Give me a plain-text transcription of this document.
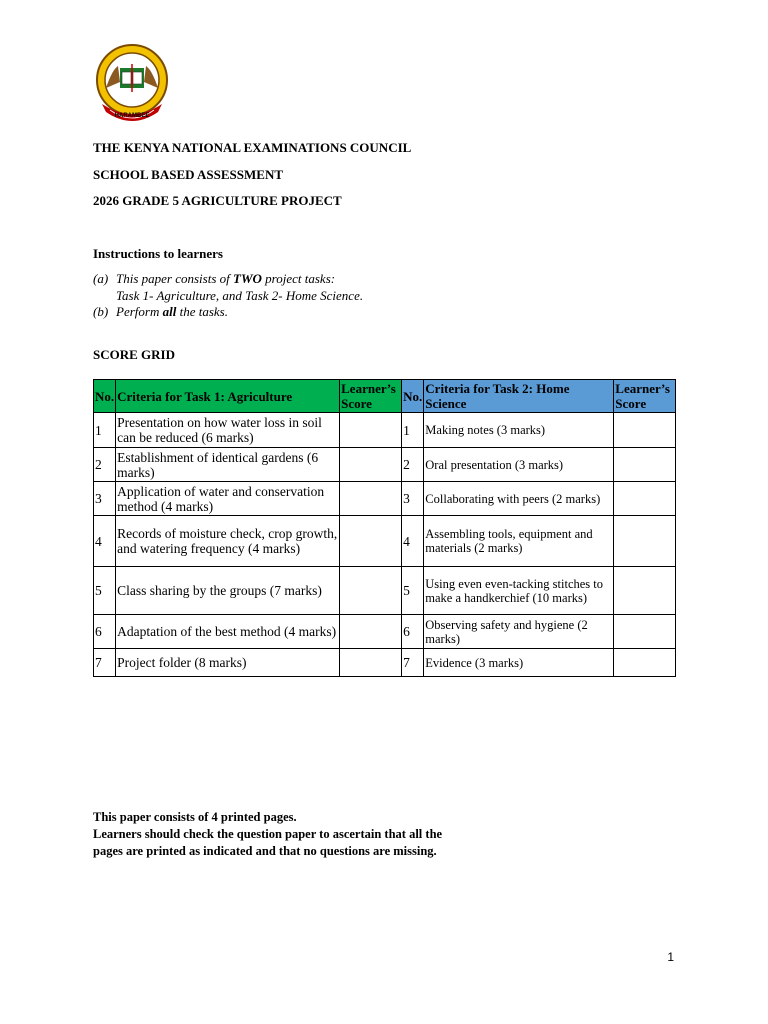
HARAMBEE
THE KENYA NATIONAL EXAMINATIONS COUNCIL
SCHOOL BASED ASSESSMENT
2026 GRADE 5 AGRICULTURE PROJECT
Instructions to learners
(a) This paper consists of TWO project tasks:
Task 1- Agriculture, and Task 2- Home Science.
(b) Perform all the tasks.
SCORE GRID
No.	Criteria for Task 1: Agriculture	Learner’s Score	No.	Criteria for Task 2: Home Science	Learner’s Score
1	Presentation on how water loss in soil can be reduced (6 marks)		1	Making notes (3 marks)	
2	Establishment of identical gardens (6 marks)		2	Oral presentation (3 marks)	
3	Application of water and conservation method (4 marks)		3	Collaborating with peers (2 marks)	
4	Records of moisture check, crop growth, and watering frequency (4 marks)		4	Assembling tools, equipment and materials (2 marks)	
5	Class sharing by the groups (7 marks)		5	Using even even-tacking stitches to make a handkerchief (10 marks)	
6	Adaptation of the best method (4 marks)		6	Observing safety and hygiene (2 marks)	
7	Project folder (8 marks)		7	Evidence (3 marks)	
This paper consists of 4 printed pages.
Learners should check the question paper to ascertain that all the
pages are printed as indicated and that no questions are missing.
1
